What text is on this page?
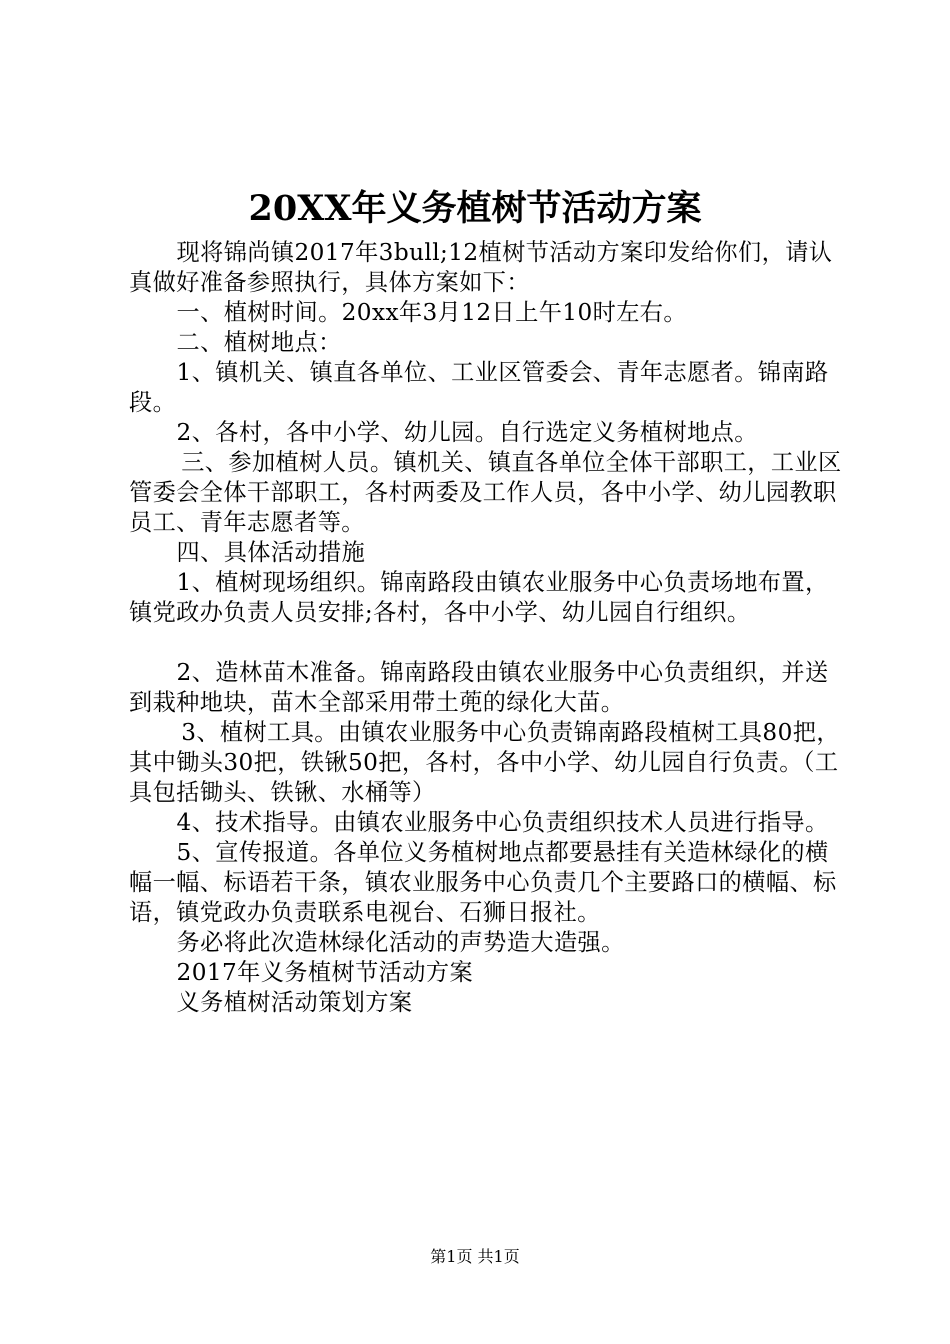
20XX年义务植树节活动方案

现将锦尚镇2017年3bull;12植树节活动方案印发给你们，请认真做好准备参照执行，具体方案如下：

一、植树时间。20xx年3月12日上午10时左右。

二、植树地点：

1、镇机关、镇直各单位、工业区管委会、青年志愿者。锦南路段。

2、各村，各中小学、幼儿园。自行选定义务植树地点。

三、参加植树人员。镇机关、镇直各单位全体干部职工，工业区管委会全体干部职工，各村两委及工作人员，各中小学、幼儿园教职员工、青年志愿者等。

四、具体活动措施

1、植树现场组织。锦南路段由镇农业服务中心负责场地布置，镇党政办负责人员安排;各村，各中小学、幼儿园自行组织。

2、造林苗木准备。锦南路段由镇农业服务中心负责组织，并送到栽种地块，苗木全部采用带土蔸的绿化大苗。

3、植树工具。由镇农业服务中心负责锦南路段植树工具80把，其中锄头30把，铁锹50把，各村，各中小学、幼儿园自行负责。（工具包括锄头、铁锹、水桶等）

4、技术指导。由镇农业服务中心负责组织技术人员进行指导。

5、宣传报道。各单位义务植树地点都要悬挂有关造林绿化的横幅一幅、标语若干条，镇农业服务中心负责几个主要路口的横幅、标语，镇党政办负责联系电视台、石狮日报社。

务必将此次造林绿化活动的声势造大造强。

2017年义务植树节活动方案

义务植树活动策划方案

第1页 共1页
